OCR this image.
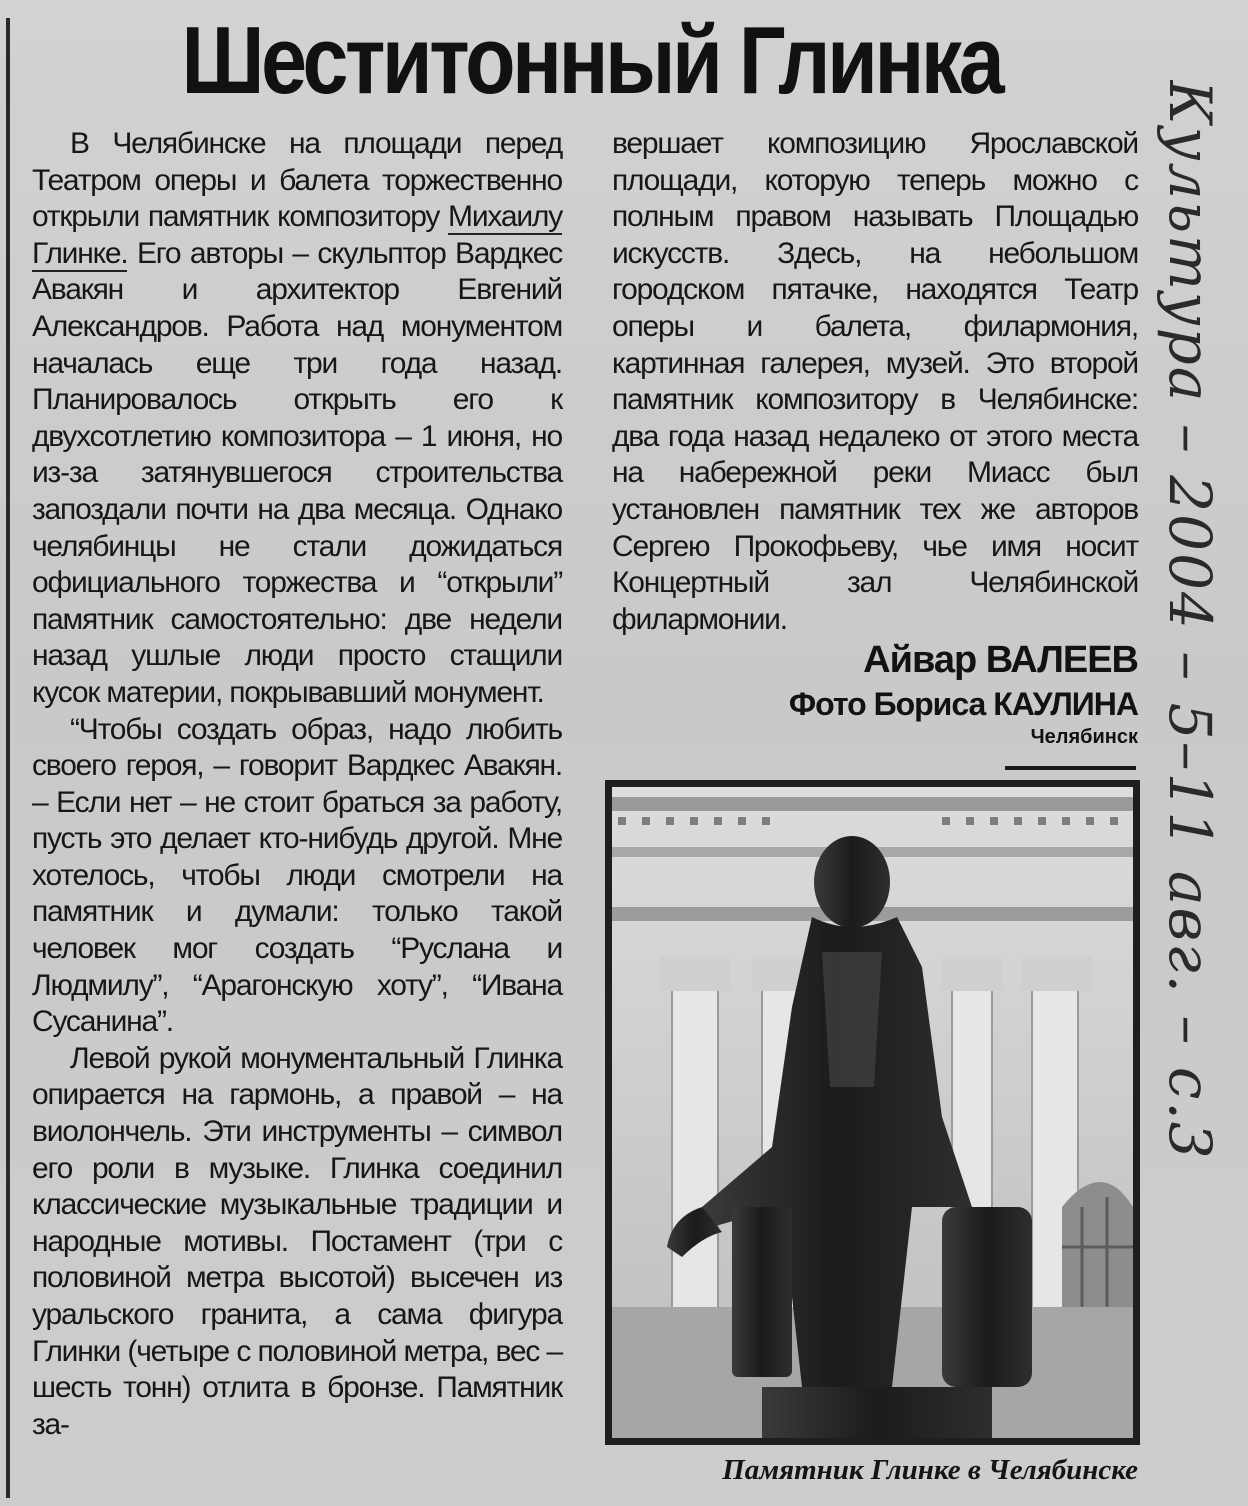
Шеститонный Глинка

В Челябинске на площади перед Театром оперы и балета торжественно открыли памятник композитору Михаилу Глинке. Его авторы – скульптор Вардкес Авакян и архитектор Евгений Александров. Работа над монументом началась еще три года назад. Планировалось открыть его к двухсотлетию композитора – 1 июня, но из-за затянувшегося строительства запоздали почти на два месяца. Однако челябинцы не стали дожидаться официального торжества и “открыли” памятник самостоятельно: две недели назад ушлые люди просто стащили кусок материи, покрывавший монумент.

“Чтобы создать образ, надо любить своего героя, – говорит Вардкес Авакян. – Если нет – не стоит браться за работу, пусть это делает кто-нибудь другой. Мне хотелось, чтобы люди смотрели на памятник и думали: только такой человек мог создать “Руслана и Людмилу”, “Арагонскую хоту”, “Ивана Сусанина”.

Левой рукой монументальный Глинка опирается на гармонь, а правой – на виолончель. Эти инструменты – символ его роли в музыке. Глинка соединил классические музыкальные традиции и народные мотивы. Постамент (три с половиной метра высотой) высечен из уральского гранита, а сама фигура Глинки (четыре с половиной метра, вес – шесть тонн) отлита в бронзе. Памятник за-

вершает композицию Ярославской площади, которую теперь можно с полным правом называть Площадью искусств. Здесь, на небольшом городском пятачке, находятся Театр оперы и балета, филармония, картинная галерея, музей. Это второй памятник композитору в Челябинске: два года назад недалеко от этого места на набережной реки Миасс был установлен памятник тех же авторов Сергею Прокофьеву, чье имя носит Концертный зал Челябинской филармонии.

Айвар ВАЛЕЕВ
Фото Бориса КАУЛИНА
Челябинск
Памятник Глинке в Челябинске
Культура – 2004 – 5–11 авг. – с.3
